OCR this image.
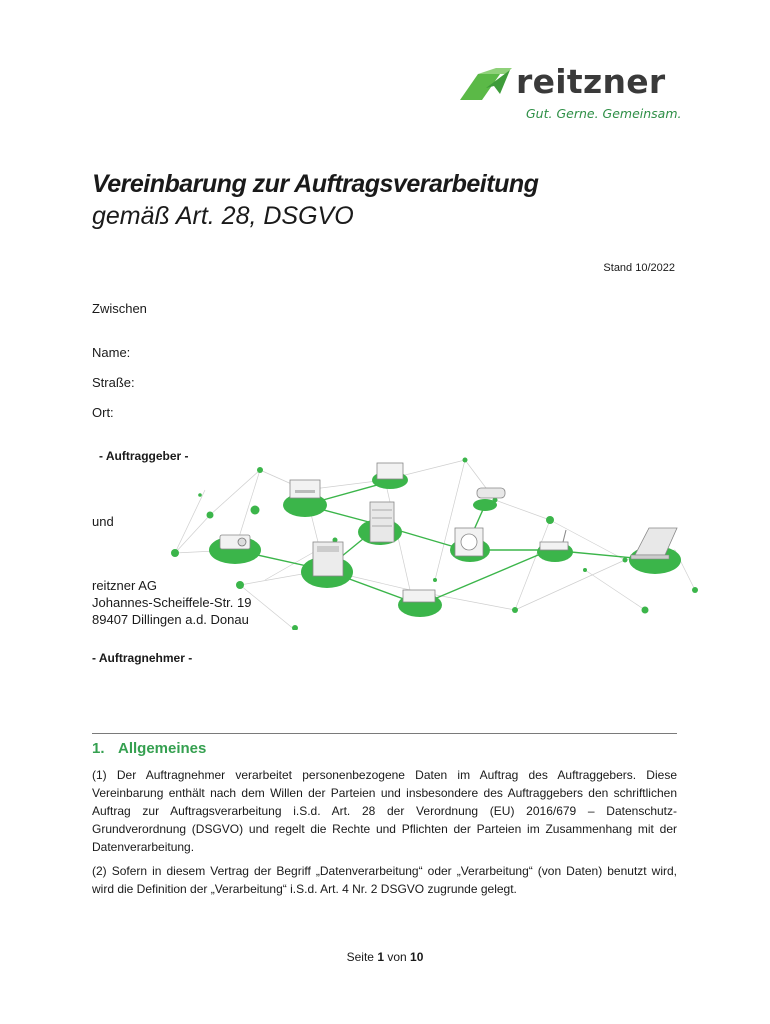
reitzner
Gut. Gerne. Gemeinsam.
Vereinbarung zur Auftragsverarbeitung
gemäß Art. 28, DSGVO
Stand 10/2022
Zwischen
Name:
Straße:
Ort:
- Auftraggeber -
und
reitzner AG
Johannes-Scheiffele-Str. 19
89407 Dillingen a.d. Donau
- Auftragnehmer -
1. Allgemeines
(1) Der Auftragnehmer verarbeitet personenbezogene Daten im Auftrag des Auftraggebers. Diese Vereinbarung enthält nach dem Willen der Parteien und insbesondere des Auftraggebers den schriftlichen Auftrag zur Auftragsverarbeitung i.S.d. Art. 28 der Verordnung (EU) 2016/679 – Datenschutz-Grundverordnung (DSGVO) und regelt die Rechte und Pflichten der Parteien im Zusammenhang mit der Datenverarbeitung.
(2) Sofern in diesem Vertrag der Begriff „Datenverarbeitung“ oder „Verarbeitung“ (von Daten) benutzt wird, wird die Definition der „Verarbeitung“ i.S.d. Art. 4 Nr. 2 DSGVO zugrunde gelegt.
Seite 1 von 10
